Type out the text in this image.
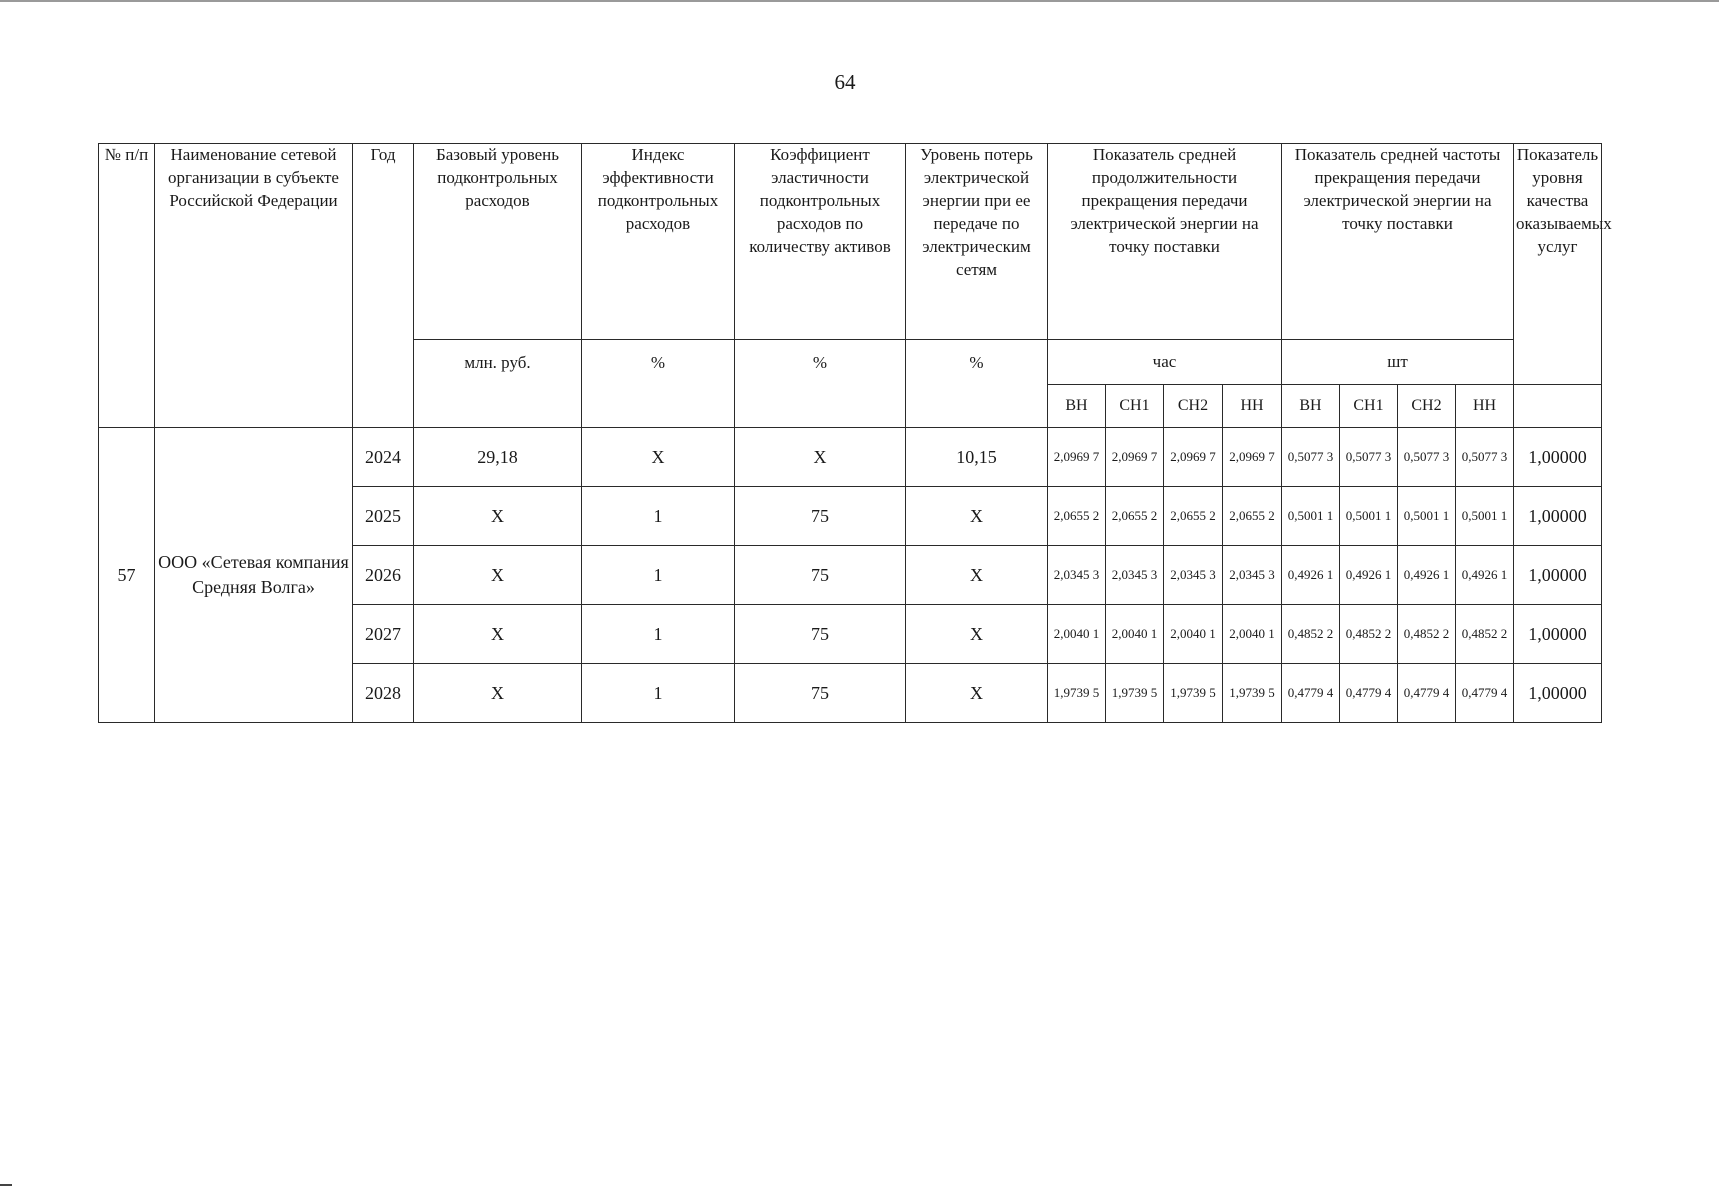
64
№ п/п	Наименование сетевой организации в субъекте Российской Федерации	Год	Базовый уровень подконтрольных расходов	Индекс эффективности подконтрольных расходов	Коэффициент эластичности подконтрольных расходов по количеству активов	Уровень потерь электрической энергии при ее передаче по электрическим сетям	Показатель средней продолжительности прекращения передачи электрической энергии на точку поставки				Показатель средней частоты прекращения передачи электрической энергии на точку поставки				Показатель уровня качества оказываемых услуг
			млн. руб.	%	%	%	час				шт				
							ВН	СН1	СН2	НН	ВН	СН1	СН2	НН	
57	ООО «Сетевая компания Средняя Волга»	2024	29,18	X	X	10,15	2,0969 7	2,0969 7	2,0969 7	2,0969 7	0,5077 3	0,5077 3	0,5077 3	0,5077 3	1,00000
		2025	X	1	75	X	2,0655 2	2,0655 2	2,0655 2	2,0655 2	0,5001 1	0,5001 1	0,5001 1	0,5001 1	1,00000
		2026	X	1	75	X	2,0345 3	2,0345 3	2,0345 3	2,0345 3	0,4926 1	0,4926 1	0,4926 1	0,4926 1	1,00000
		2027	X	1	75	X	2,0040 1	2,0040 1	2,0040 1	2,0040 1	0,4852 2	0,4852 2	0,4852 2	0,4852 2	1,00000
		2028	X	1	75	X	1,9739 5	1,9739 5	1,9739 5	1,9739 5	0,4779 4	0,4779 4	0,4779 4	0,4779 4	1,00000
